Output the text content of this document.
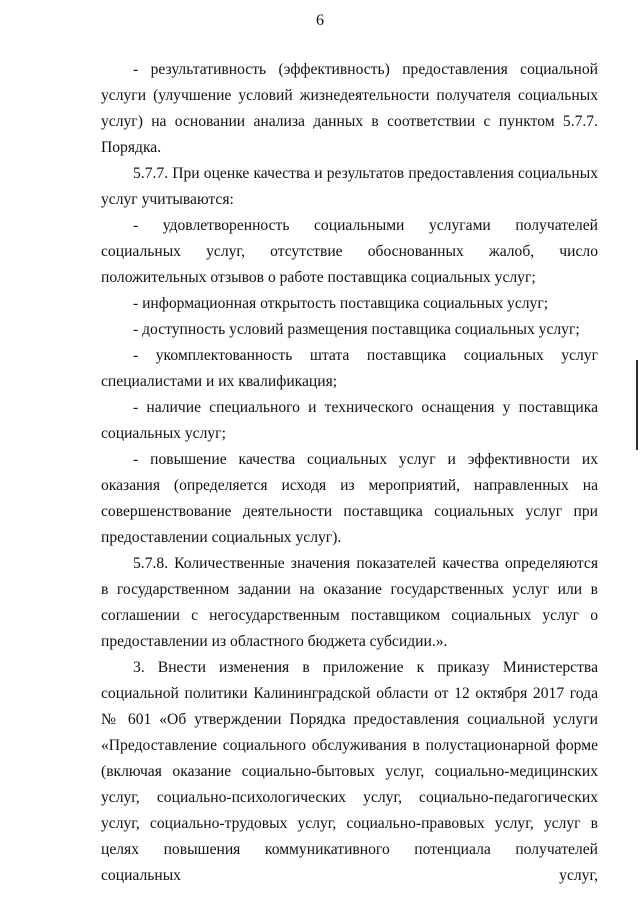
6

- результативность (эффективность) предоставления социальной услуги (улучшение условий жизнедеятельности получателя социальных услуг) на основании анализа данных в соответствии с пунктом 5.7.7. Порядка.

5.7.7. При оценке качества и результатов предоставления социальных услуг учитываются:

- удовлетворенность социальными услугами получателей социальных услуг, отсутствие обоснованных жалоб, число положительных отзывов о работе поставщика социальных услуг;

- информационная открытость поставщика социальных услуг;

- доступность условий размещения поставщика социальных услуг;

- укомплектованность штата поставщика социальных услуг специалистами и их квалификация;

- наличие специального и технического оснащения у поставщика социальных услуг;

- повышение качества социальных услуг и эффективности их оказания (определяется исходя из мероприятий, направленных на совершенствование деятельности поставщика социальных услуг при предоставлении социальных услуг).

5.7.8. Количественные значения показателей качества определяются в государственном задании на оказание государственных услуг или в соглашении с негосударственным поставщиком социальных услуг о предоставлении из областного бюджета субсидии.».

3. Внести изменения в приложение к приказу Министерства социальной политики Калининградской области от 12 октября 2017 года № 601 «Об утверждении Порядка предоставления социальной услуги «Предоставление социального обслуживания в полустационарной форме (включая оказание социально-бытовых услуг, социально-медицинских услуг, социально-психологических услуг, социально-педагогических услуг, социально-трудовых услуг, социально-правовых услуг, услуг в целях повышения коммуникативного потенциала получателей социальных услуг,
